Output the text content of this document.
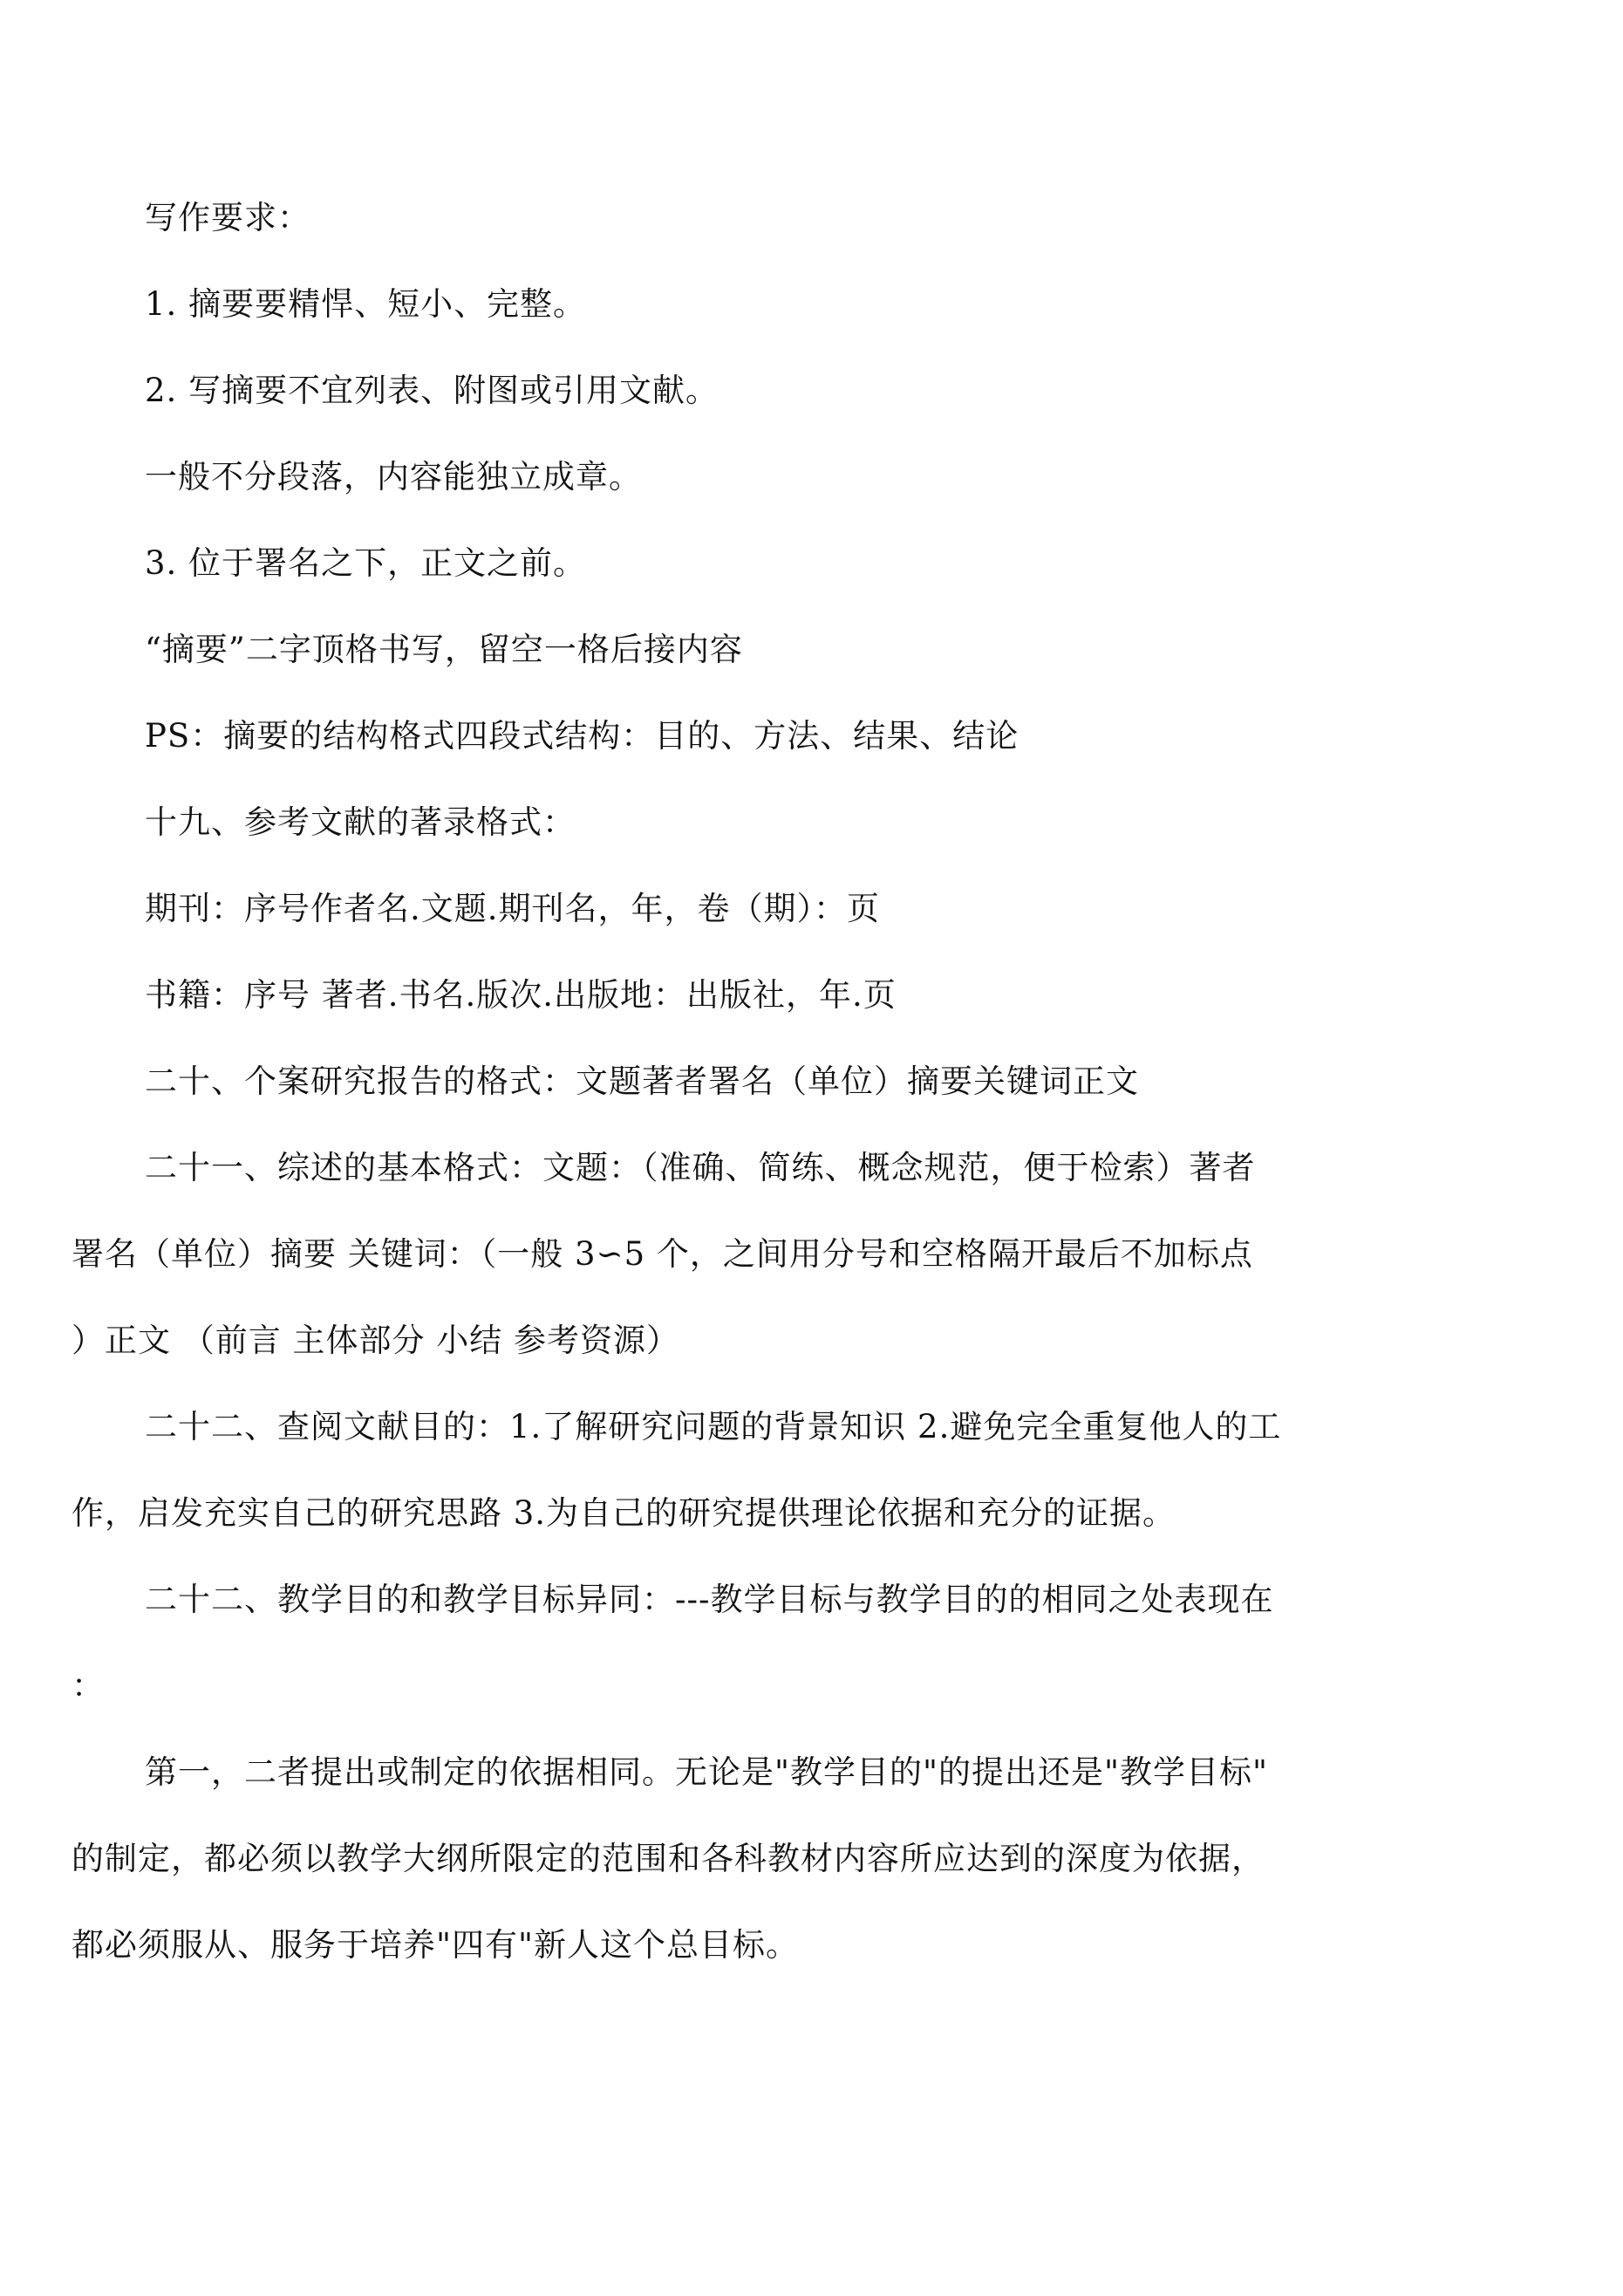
写作要求：

1. 摘要要精悍、短小、完整。

2. 写摘要不宜列表、附图或引用文献。

一般不分段落，内容能独立成章。

3. 位于署名之下，正文之前。

“摘要”二字顶格书写，留空一格后接内容

PS：摘要的结构格式四段式结构：目的、方法、结果、结论

十九、参考文献的著录格式：

期刊：序号作者名.文题.期刊名，年，卷（期）：页

书籍：序号 著者.书名.版次.出版地：出版社，年.页

二十、个案研究报告的格式：文题著者署名（单位）摘要关键词正文

二十一、综述的基本格式：文题：（准确、简练、概念规范，便于检索）著者

署名（单位）摘要 关键词：（一般 3∽5 个，之间用分号和空格隔开最后不加标点

）正文 （前言 主体部分 小结 参考资源）

二十二、查阅文献目的：1.了解研究问题的背景知识 2.避免完全重复他人的工

作，启发充实自己的研究思路 3.为自己的研究提供理论依据和充分的证据。

二十二、教学目的和教学目标异同：---教学目标与教学目的的相同之处表现在

：

第一，二者提出或制定的依据相同。无论是"教学目的"的提出还是"教学目标"

的制定，都必须以教学大纲所限定的范围和各科教材内容所应达到的深度为依据，

都必须服从、服务于培养"四有"新人这个总目标。
